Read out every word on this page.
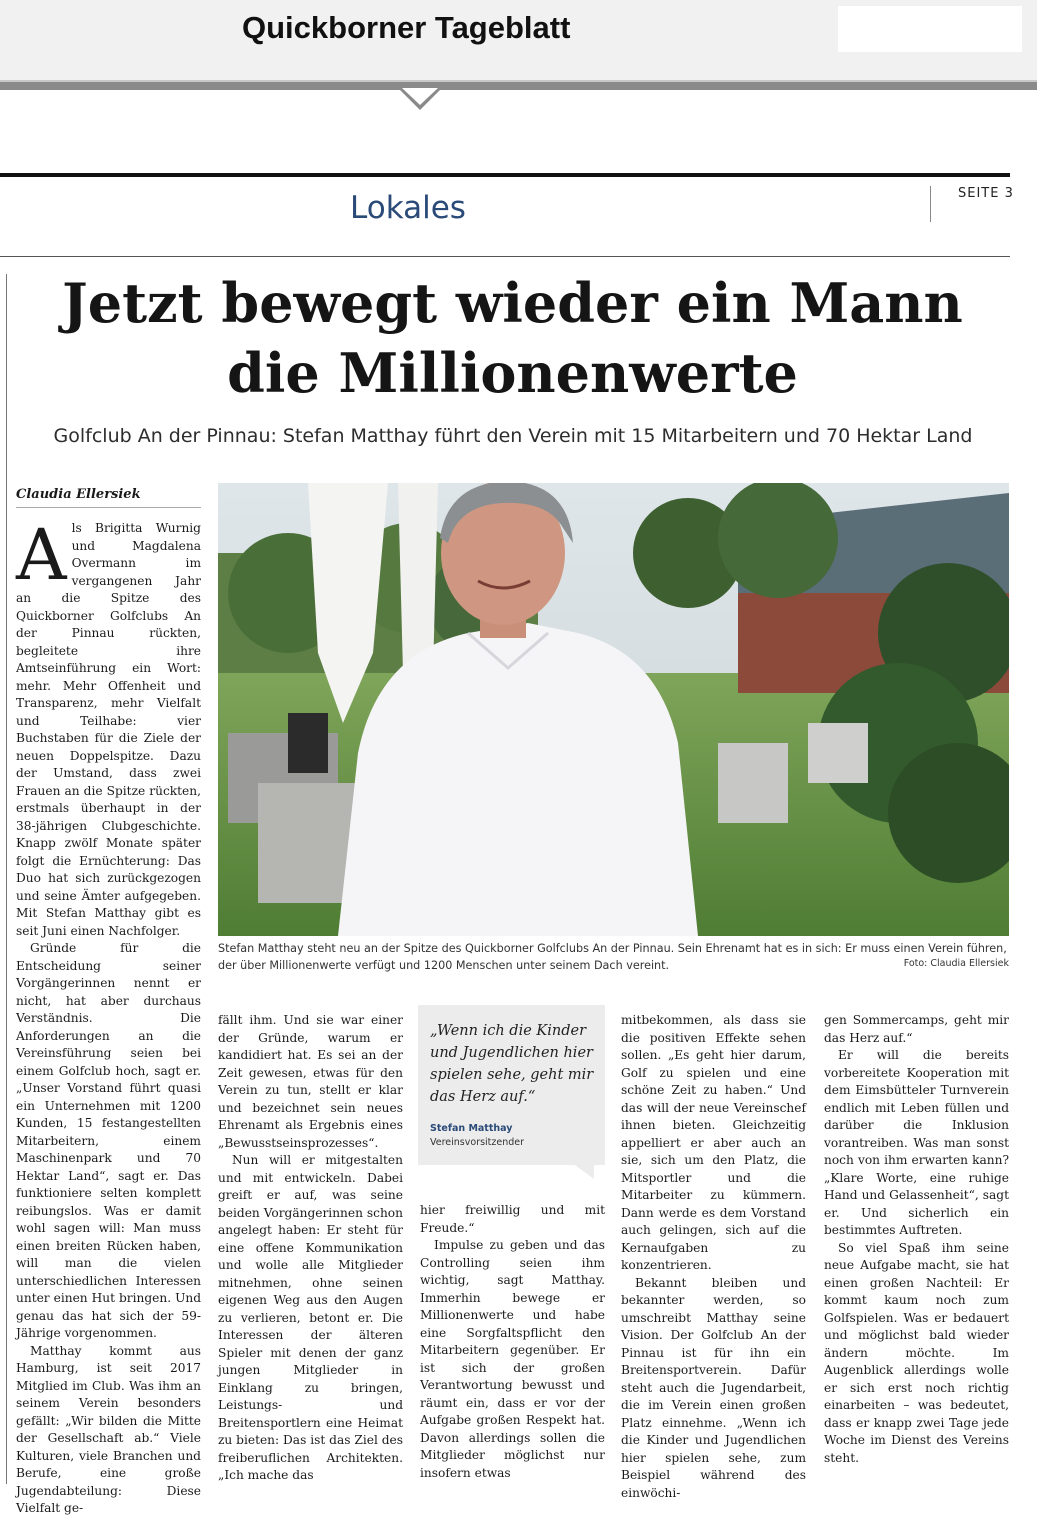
Quickborner Tageblatt
Lokales	SEITE 3
Jetzt bewegt wieder ein Mann
die Millionenwerte
Golfclub An der Pinnau: Stefan Matthay führt den Verein mit 15 Mitarbeitern und 70 Hektar Land
Claudia Ellersiek

Als Brigitta Wurnig und Magdalena Overmann im vergangenen Jahr an die Spitze des Quickborner Golfclubs An der Pinnau rückten, begleitete ihre Amtseinführung ein Wort: mehr. Mehr Offenheit und Transparenz, mehr Vielfalt und Teilhabe: vier Buchstaben für die Ziele der neuen Doppelspitze. Dazu der Umstand, dass zwei Frauen an die Spitze rückten, erstmals überhaupt in der 38-jährigen Clubgeschichte. Knapp zwölf Monate später folgt die Ernüchterung: Das Duo hat sich zurückgezogen und seine Ämter aufgegeben. Mit Stefan Matthay gibt es seit Juni einen Nachfolger.

Gründe für die Entscheidung seiner Vorgängerinnen nennt er nicht, hat aber durchaus Verständnis. Die Anforderungen an die Vereinsführung seien bei einem Golfclub hoch, sagt er. „Unser Vorstand führt quasi ein Unternehmen mit 1200 Kunden, 15 festangestellten Mitarbeitern, einem Maschinenpark und 70 Hektar Land“, sagt er. Das funktioniere selten komplett reibungslos. Was er damit wohl sagen will: Man muss einen breiten Rücken haben, will man die vielen unterschiedlichen Interessen unter einen Hut bringen. Und genau das hat sich der 59-Jährige vorgenommen.

Matthay kommt aus Hamburg, ist seit 2017 Mitglied im Club. Was ihm an seinem Verein besonders gefällt: „Wir bilden die Mitte der Gesellschaft ab.“ Viele Kulturen, viele Branchen und Berufe, eine große Jugendabteilung: Diese Vielfalt ge-

Stefan Matthay steht neu an der Spitze des Quickborner Golfclubs An der Pinnau. Sein Ehrenamt hat es in sich: Er muss einen Verein führen, der über Millionenwerte verfügt und 1200 Menschen unter seinem Dach vereint.	Foto: Claudia Ellersiek

fällt ihm. Und sie war einer der Gründe, warum er kandidiert hat. Es sei an der Zeit gewesen, etwas für den Verein zu tun, stellt er klar und bezeichnet sein neues Ehrenamt als Ergebnis eines „Bewusstseinsprozesses“.

Nun will er mitgestalten und mit entwickeln. Dabei greift er auf, was seine beiden Vorgängerinnen schon angelegt haben: Er steht für eine offene Kommunikation und wolle alle Mitglieder mitnehmen, ohne seinen eigenen Weg aus den Augen zu verlieren, betont er. Die Interessen der älteren Spieler mit denen der ganz jungen Mitglieder in Einklang zu bringen, Leistungs- und Breitensportlern eine Heimat zu bieten: Das ist das Ziel des freiberuflichen Architekten. „Ich mache das

„Wenn ich die Kinder und Jugendlichen hier spielen sehe, geht mir das Herz auf.“
Stefan Matthay
Vereinsvorsitzender

hier freiwillig und mit Freude.“

Impulse zu geben und das Controlling seien ihm wichtig, sagt Matthay. Immerhin bewege er Millionenwerte und habe eine Sorgfaltspflicht den Mitarbeitern gegenüber. Er ist sich der großen Verantwortung bewusst und räumt ein, dass er vor der Aufgabe großen Respekt hat. Davon allerdings sollen die Mitglieder möglichst nur insofern etwas

mitbekommen, als dass sie die positiven Effekte sehen sollen. „Es geht hier darum, Golf zu spielen und eine schöne Zeit zu haben.“ Und das will der neue Vereinschef ihnen bieten. Gleichzeitig appelliert er aber auch an sie, sich um den Platz, die Mitsportler und die Mitarbeiter zu kümmern. Dann werde es dem Vorstand auch gelingen, sich auf die Kernaufgaben zu konzentrieren.

Bekannt bleiben und bekannter werden, so umschreibt Matthay seine Vision. Der Golfclub An der Pinnau ist für ihn ein Breitensportverein. Dafür steht auch die Jugendarbeit, die im Verein einen großen Platz einnehme. „Wenn ich die Kinder und Jugendlichen hier spielen sehe, zum Beispiel während des einwöchi-

gen Sommercamps, geht mir das Herz auf.“

Er will die bereits vorbereitete Kooperation mit dem Eimsbütteler Turnverein endlich mit Leben füllen und darüber die Inklusion vorantreiben. Was man sonst noch von ihm erwarten kann? „Klare Worte, eine ruhige Hand und Gelassenheit“, sagt er. Und sicherlich ein bestimmtes Auftreten.

So viel Spaß ihm seine neue Aufgabe macht, sie hat einen großen Nachteil: Er kommt kaum noch zum Golfspielen. Was er bedauert und möglichst bald wieder ändern möchte. Im Augenblick allerdings wolle er sich erst noch richtig einarbeiten – was bedeutet, dass er knapp zwei Tage jede Woche im Dienst des Vereins steht.
